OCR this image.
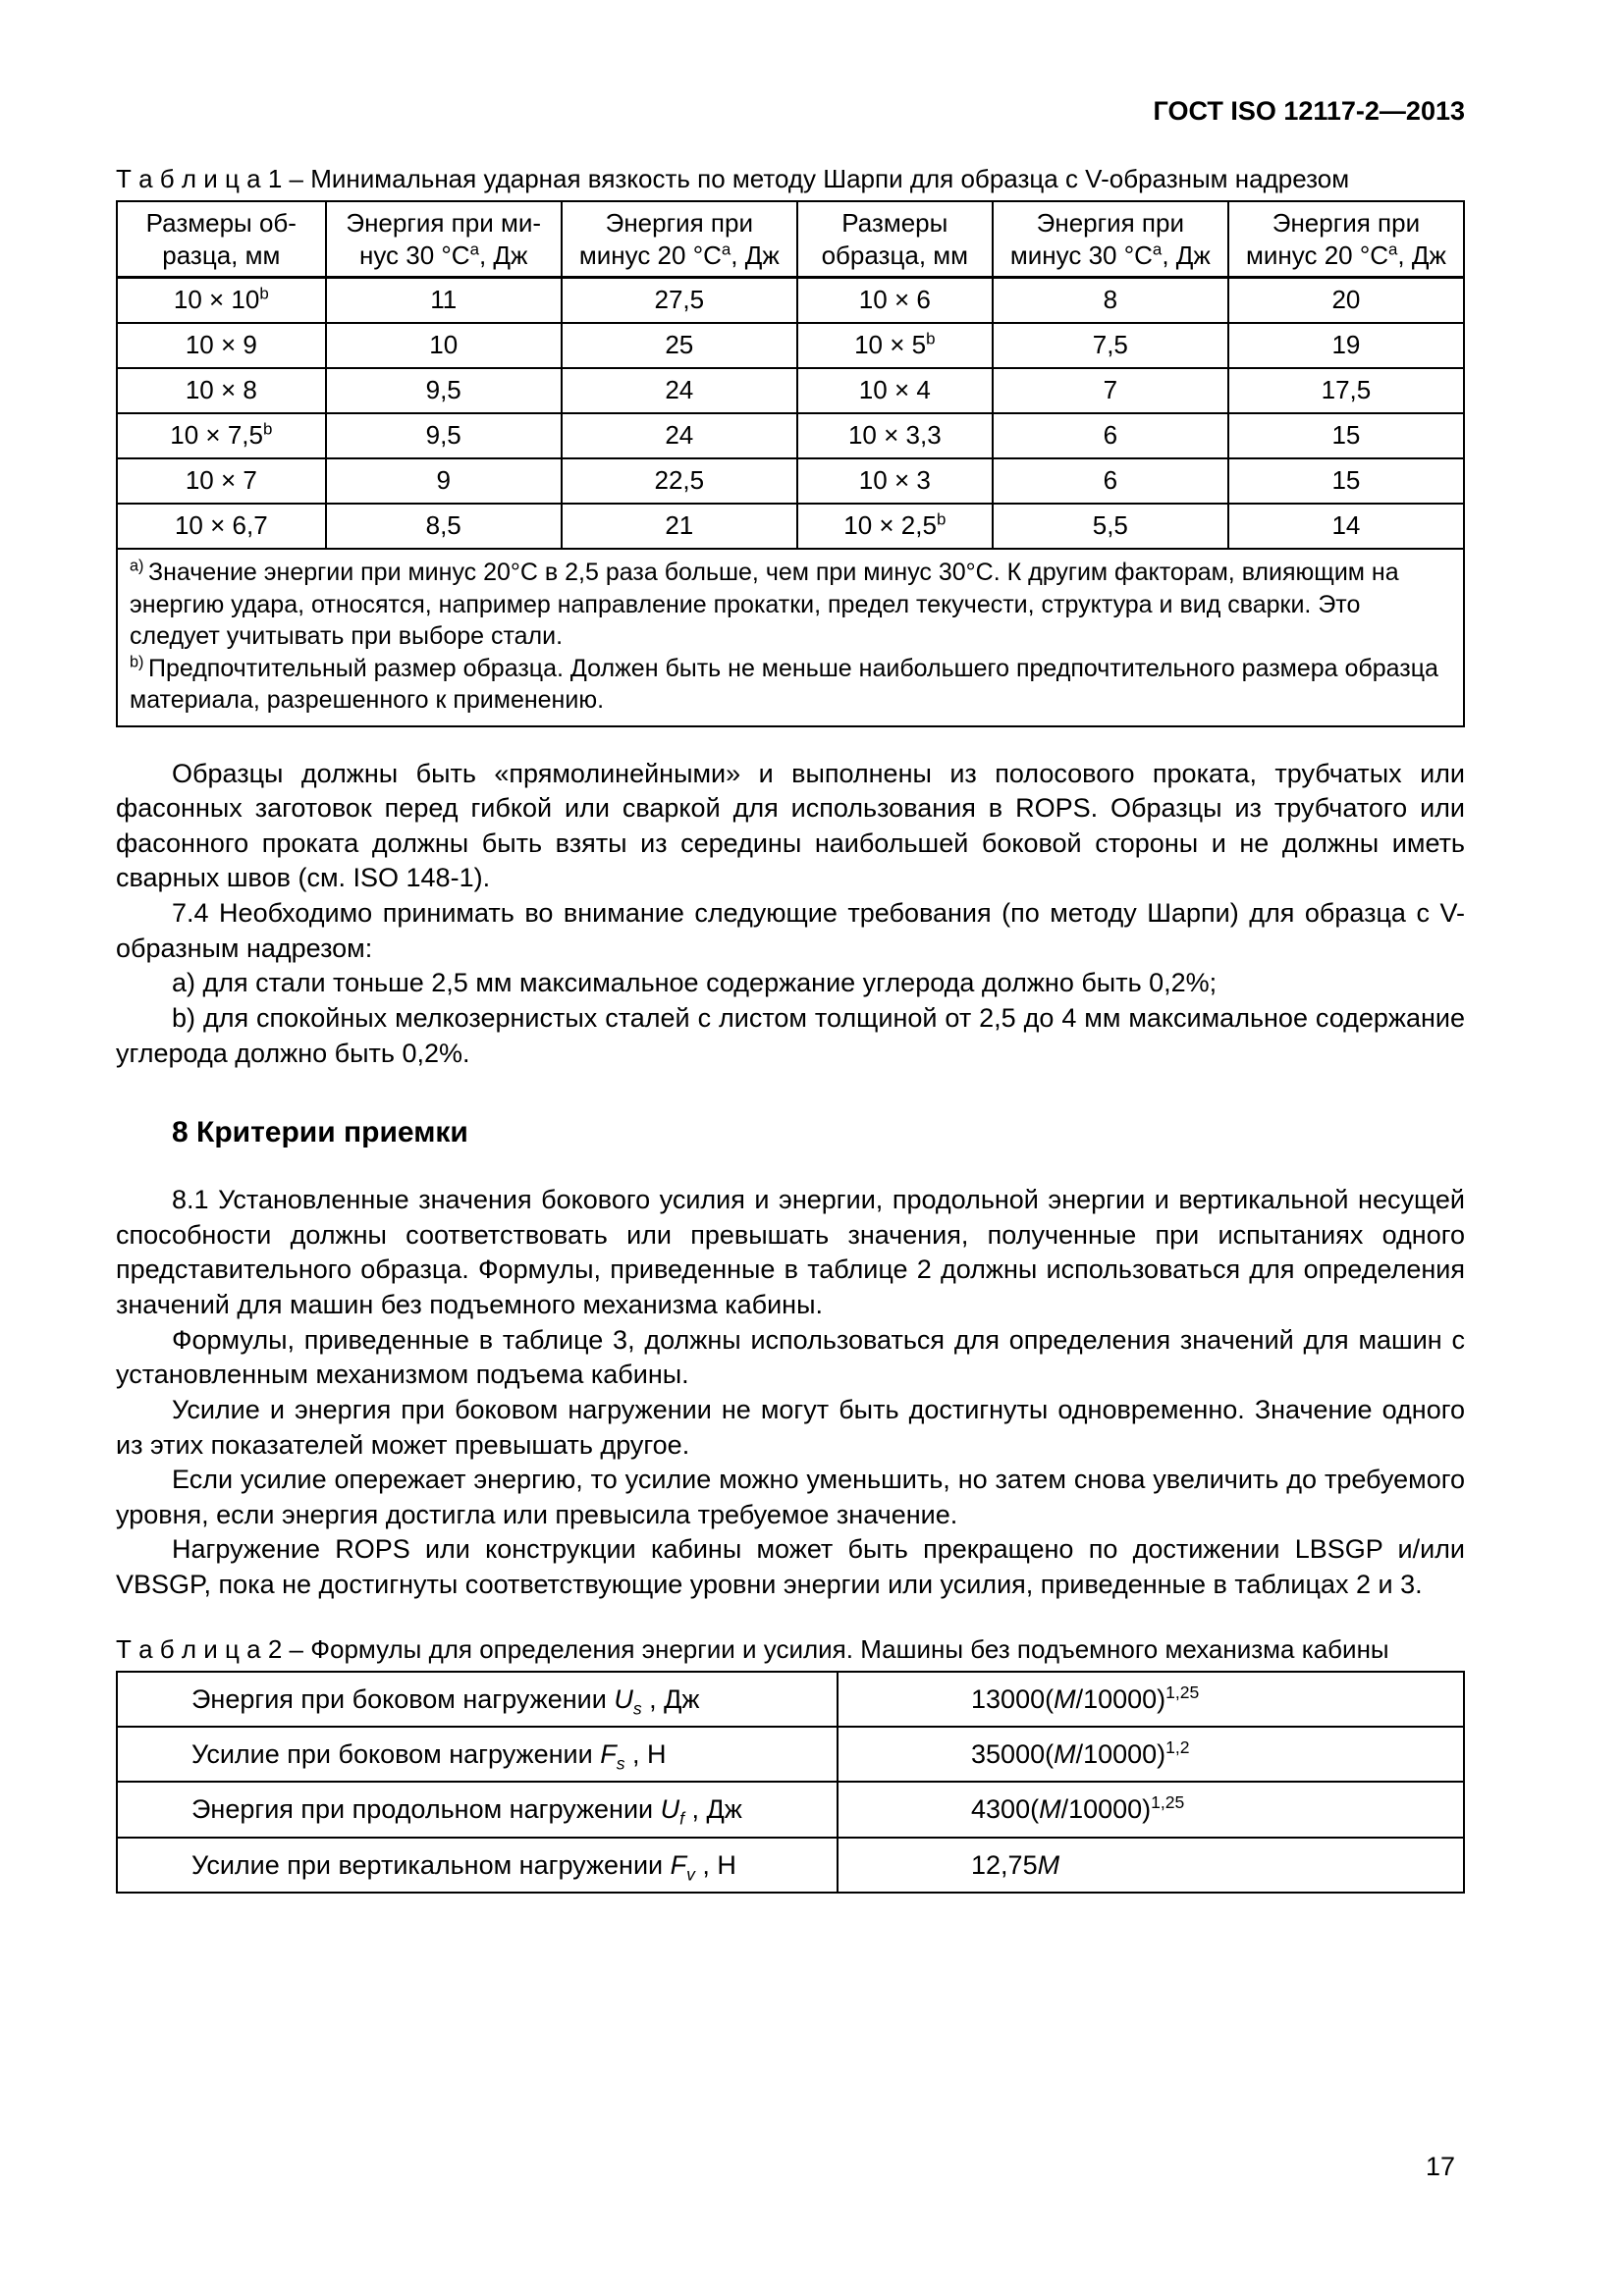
ГОСТ ISO 12117-2—2013
Т а б л и ц а 1 – Минимальная ударная вязкость по методу Шарпи для образца с V-образным надрезом
Размеры об-разца, мм	Энергия при ми-нус 30 $^\circ С^а$, Дж	Энергия при минус 20 $^\circ С^а$, Дж	Размеры образца, мм	Энергия при минус 30 $^\circ С^а$, Дж	Энергия при минус 20 $^\circ С^а$, Дж
$10 \times 10^b$	11	27,5	10 × 6	8	20
10 × 9	10	25	$10 \times 5^b$	7,5	19
10 × 8	9,5	24	10 × 4	7	17,5
10 × 7,5$^b$	9,5	24	10 × 3,3	6	15
10 × 7	9	22,5	10 × 3	6	15
10 × 6,7	8,5	21	10 × 2,5$^b$	5,5	14

$^{а)}$ Значение энергии при минус 20°С в 2,5 раза больше, чем при минус 30°С. К другим факторам, влияющим на энергию удара, относятся, например направление прокатки, предел текучести, структура и вид сварки. Это следует учитывать при выборе стали.

$^{b)}$ Предпочтительный размер образца. Должен быть не меньше наибольшего предпочтительного размера образца материала, разрешенного к применению.					

Образцы должны быть «прямолинейными» и выполнены из полосового проката, трубчатых или фасонных заготовок перед гибкой или сваркой для использования в ROPS. Образцы из трубчатого или фасонного проката должны быть взяты из середины наибольшей боковой стороны и не должны иметь сварных швов (см. ISO 148-1).

7.4 Необходимо принимать во внимание следующие требования (по методу Шарпи) для образца с V-образным надрезом:

a) для стали тоньше 2,5 мм максимальное содержание углерода должно быть 0,2%;

b) для спокойных мелкозернистых сталей с листом толщиной от 2,5 до 4 мм максимальное содержание углерода должно быть 0,2%.

8 Критерии приемки

8.1 Установленные значения бокового усилия и энергии, продольной энергии и вертикальной несущей способности должны соответствовать или превышать значения, полученные при испытаниях одного представительного образца. Формулы, приведенные в таблице 2 должны использоваться для определения значений для машин без подъемного механизма кабины.

Формулы, приведенные в таблице 3, должны использоваться для определения значений для машин с установленным механизмом подъема кабины.

Усилие и энергия при боковом нагружении не могут быть достигнуты одновременно. Значение одного из этих показателей может превышать другое.

Если усилие опережает энергию, то усилие можно уменьшить, но затем снова увеличить до требуемого уровня, если энергия достигла или превысила требуемое значение.

Нагружение ROPS или конструкции кабины может быть прекращено по достижении LBSGP и/или VBSGP, пока не достигнуты соответствующие уровни энергии или усилия, приведенные в таблицах 2 и 3.

Т а б л и ц а 2 – Формулы для определения энергии и усилия. Машины без подъемного механизма кабины
Энергия при боковом нагружении $U_s$ , Дж	$13000(M/10000)^{1,25}$
Усилие при боковом нагружении $F_s$ , Н	$35000(M/10000)^{1,2}$
Энергия при продольном нагружении $U_f$ , Дж	$4300(M/10000)^{1,25}$
Усилие при вертикальном нагружении $F_v$ , Н	12,75M
17
